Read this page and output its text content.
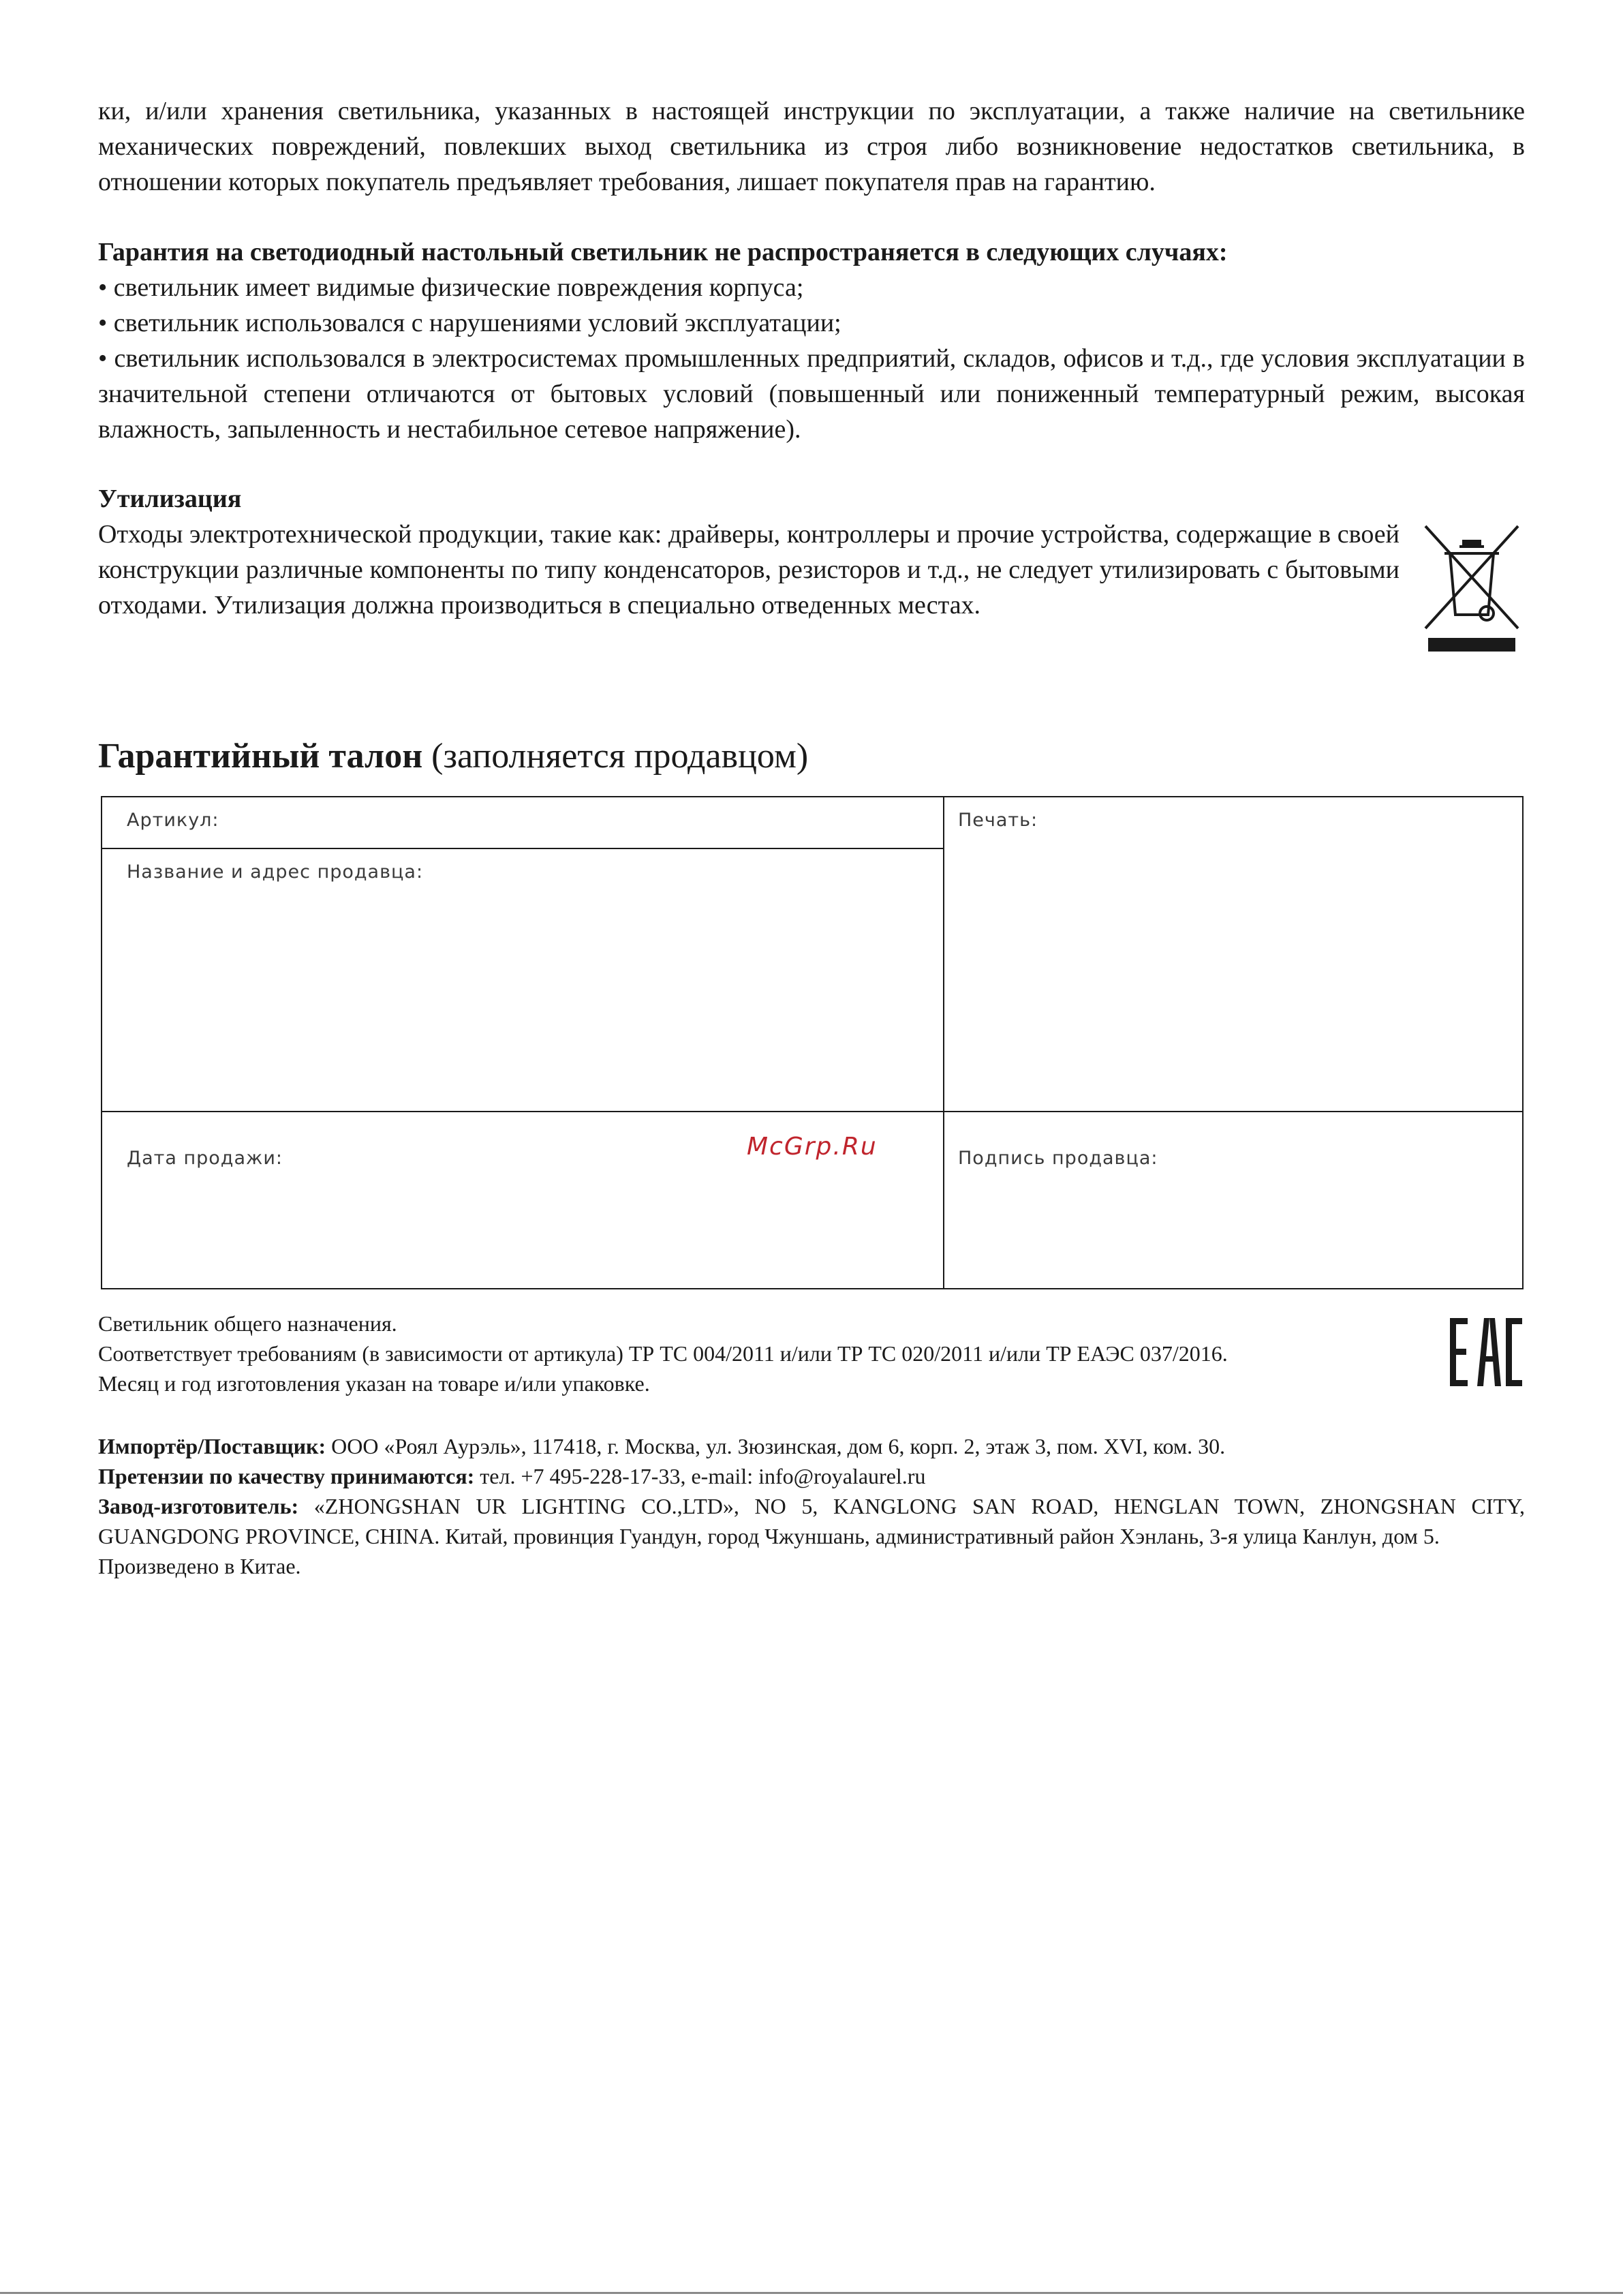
ки, и/или хранения светильника, указанных в настоящей инструкции по эксплуатации, а также наличие на светильнике механических повреждений, повлекших выход светильника из строя либо возникновение недостатков светильника, в отношении которых покупатель предъявляет требования, лишает покупателя прав на гарантию.

Гарантия на светодиодный настольный светильник не распространяется в следующих случаях:

• светильник имеет видимые физические повреждения корпуса;

• светильник использовался с нарушениями условий эксплуатации;

• светильник использовался в электросистемах промышленных предприятий, складов, офисов и т.д., где условия эксплуатации в значительной степени отличаются от бытовых условий (повышенный или пониженный температурный режим, высокая влажность, запыленность и нестабильное сетевое напряжение).

Утилизация

Отходы электротехнической продукции, такие как: драйверы, контроллеры и прочие устройства, содержащие в своей конструкции различные компоненты по типу конденсаторов, резисторов и т.д., не следует утилизировать с бытовыми отходами. Утилизация должна производиться в специально отведенных местах.

Гарантийный талон (заполняется продавцом)
Артикул:
Название и адрес продавца:
Печать:
Дата продажи:	Подпись продавца:
McGrp.Ru

Светильник общего назначения.

Соответствует требованиям (в зависимости от артикула) ТР ТС 004/2011 и/или ТР ТС 020/2011 и/или ТР ЕАЭС 037/2016.

Месяц и год изготовления указан на товаре и/или упаковке.

Импортёр/Поставщик: ООО «Роял Аурэль», 117418, г. Москва, ул. Зюзинская, дом 6, корп. 2, этаж 3, пом. XVI, ком. 30.

Претензии по качеству принимаются: тел. +7 495-228-17-33, e-mail: info@royalaurel.ru

Завод-изготовитель: «ZHONGSHAN UR LIGHTING CO.,LTD», NO 5, KANGLONG SAN ROAD, HENGLAN TOWN, ZHONGSHAN CITY, GUANGDONG PROVINCE, CHINA. Китай, провинция Гуандун, город Чжуншань, административный район Хэнлань, 3-я улица Канлун, дом 5.

Произведено в Китае.
